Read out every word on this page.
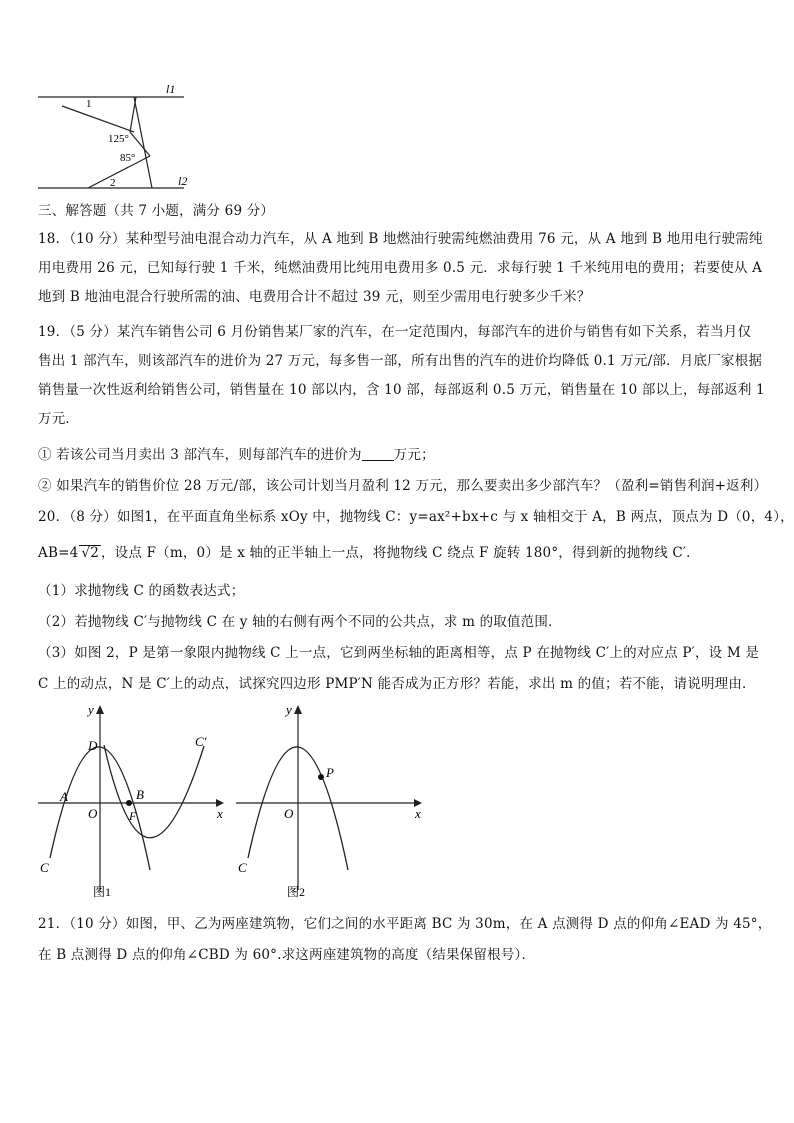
l1
l2
1
125°
85°
2
三、解答题（共 7 小题，满分 69 分）
18．（10 分）某种型号油电混合动力汽车，从 A 地到 B 地燃油行驶需纯燃油费用 76 元，从 A 地到 B 地用电行驶需纯
用电费用 26 元，已知每行驶 1 千米，纯燃油费用比纯用电费用多 0.5 元．求每行驶 1 千米纯用电的费用；若要使从 A
地到 B 地油电混合行驶所需的油、电费用合计不超过 39 元，则至少需用电行驶多少千米？
19．（5 分）某汽车销售公司 6 月份销售某厂家的汽车，在一定范围内，每部汽车的进价与销售有如下关系，若当月仅
售出 1 部汽车，则该部汽车的进价为 27 万元，每多售一部，所有出售的汽车的进价均降低 0.1 万元/部．月底厂家根据
销售量一次性返利给销售公司，销售量在 10 部以内，含 10 部，每部返利 0.5 万元，销售量在 10 部以上，每部返利 1
万元．
① 若该公司当月卖出 3 部汽车，则每部汽车的进价为 万元；
② 如果汽车的销售价位 28 万元/部，该公司计划当月盈利 12 万元，那么要卖出多少部汽车？（盈利=销售利润+返利）
20．（8 分）如图1，在平面直角坐标系 xOy 中，抛物线 C：y=ax²+bx+c 与 x 轴相交于 A，B 两点，顶点为 D（0，4），
AB=4 √2 ，设点 F（m，0）是 x 轴的正半轴上一点，将抛物线 C 绕点 F 旋转 180°，得到新的抛物线 C′．
（1）求抛物线 C 的函数表达式；
（2）若抛物线 C′与抛物线 C 在 y 轴的右侧有两个不同的公共点，求 m 的取值范围．
（3）如图 2，P 是第一象限内抛物线 C 上一点，它到两坐标轴的距离相等，点 P 在抛物线 C′上的对应点 P′，设 M 是
C 上的动点，N 是 C′上的动点，试探究四边形 PMP′N 能否成为正方形？若能，求出 m 的值；若不能，请说明理由．
y
x
D
A	B
O	F
C
C′
图1
y
x
O
P
C
图2
21．（10 分）如图，甲、乙为两座建筑物，它们之间的水平距离 BC 为 30m，在 A 点测得 D 点的仰角∠EAD 为 45°，
在 B 点测得 D 点的仰角∠CBD 为 60°.求这两座建筑物的高度（结果保留根号）．
